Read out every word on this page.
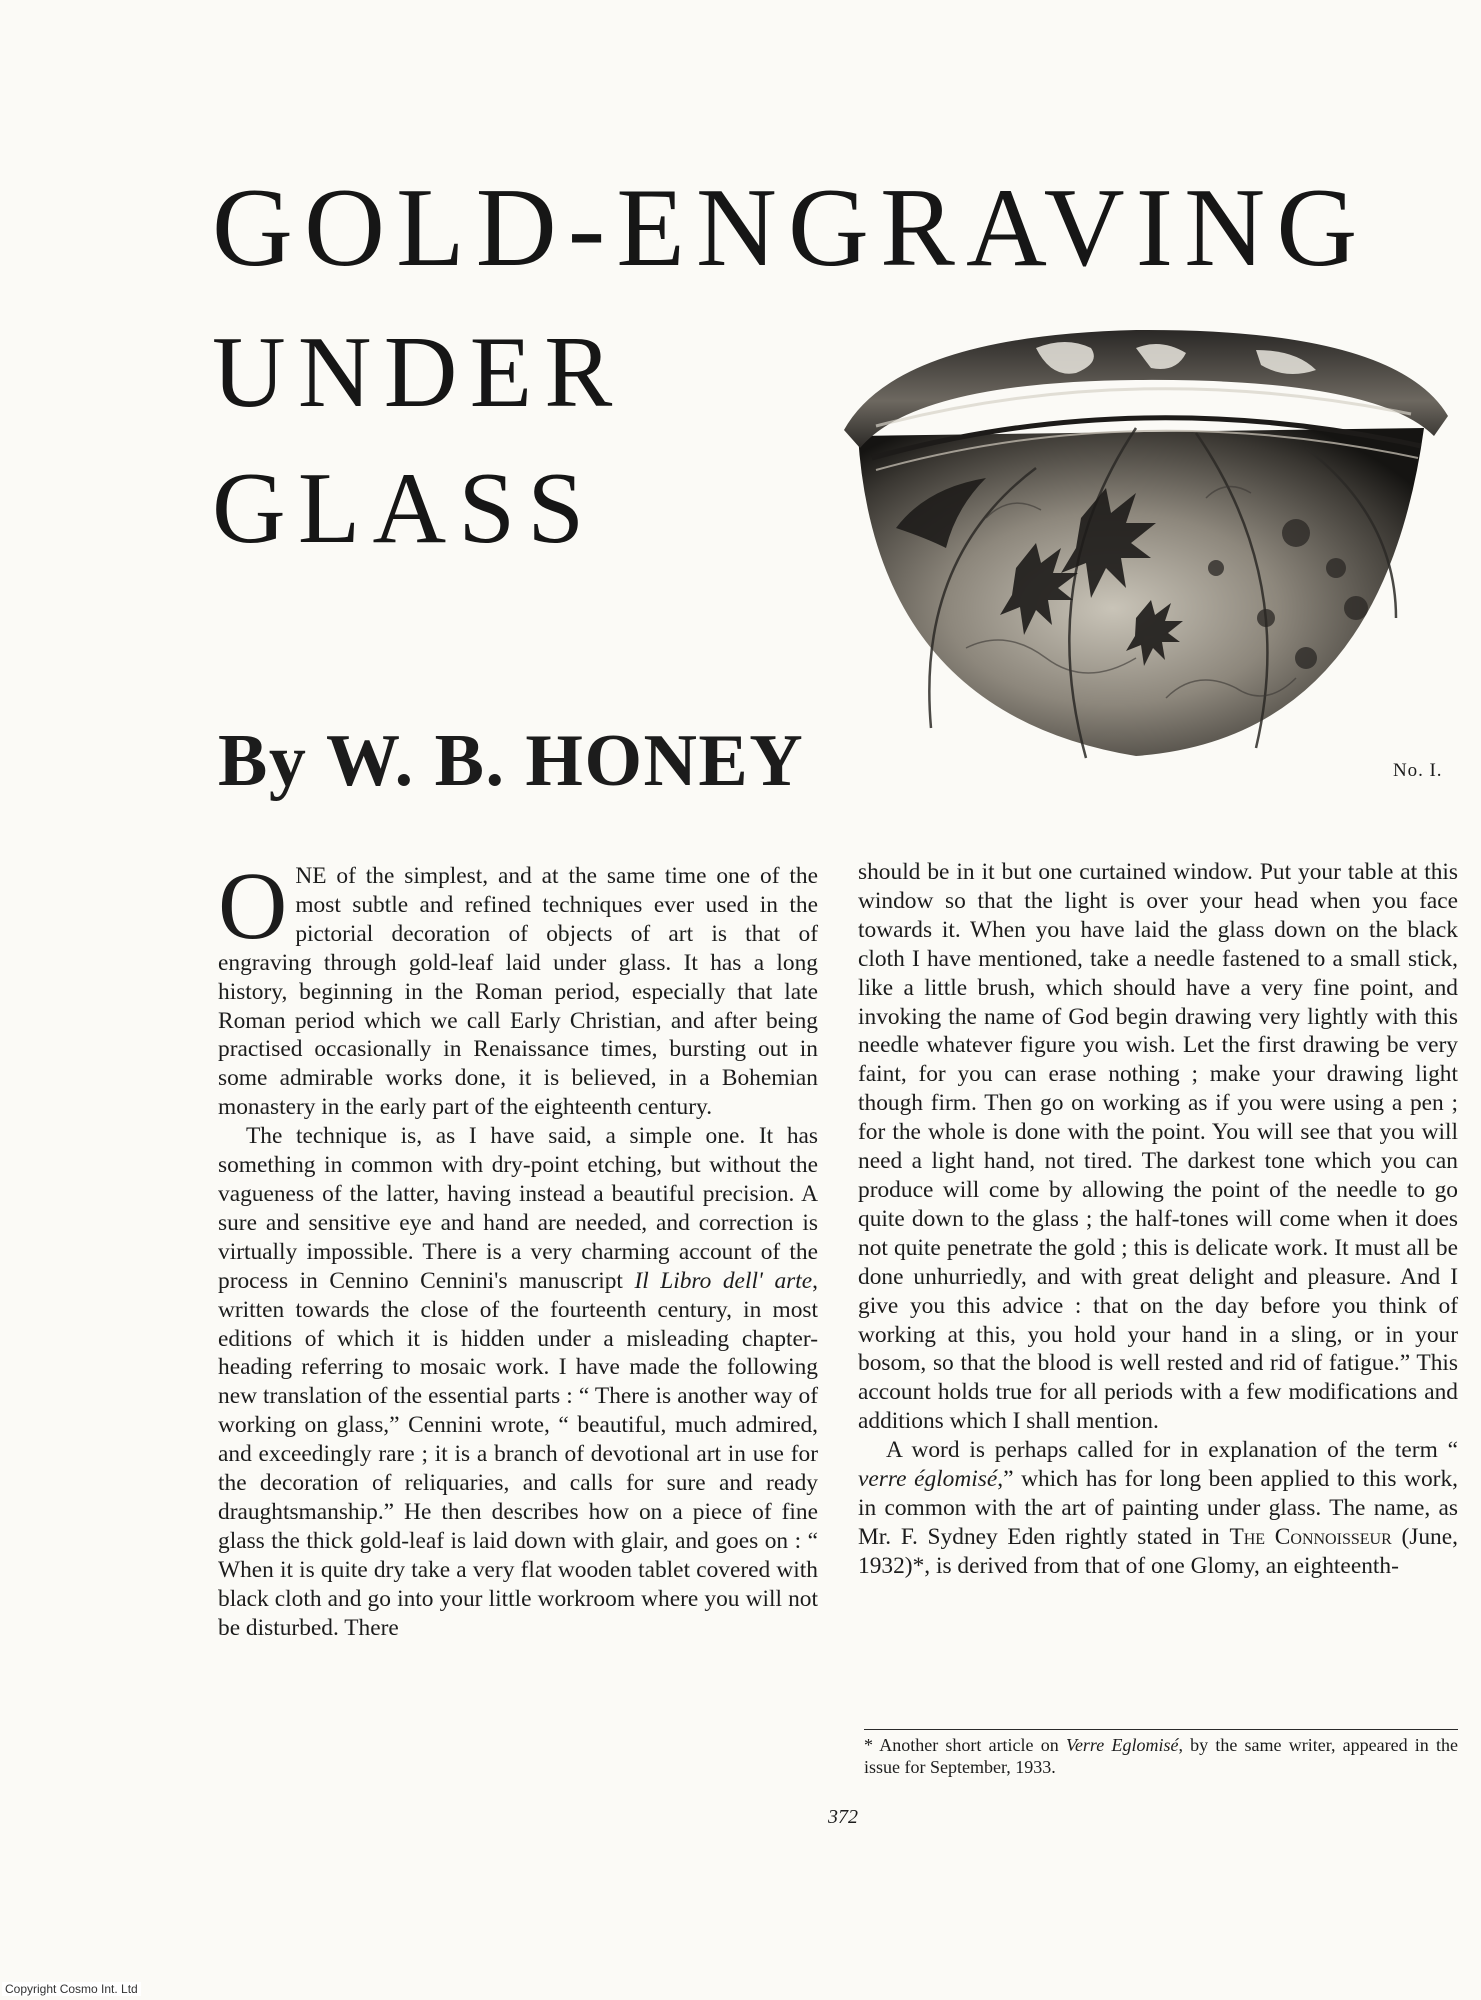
GOLD-ENGRAVING
UNDER
GLASS
By W. B. HONEY	No. I.

ONE of the simplest, and at the same time one of the most subtle and refined techniques ever used in the pictorial decoration of objects of art is that of engraving through gold-leaf laid under glass. It has a long history, beginning in the Roman period, especially that late Roman period which we call Early Christian, and after being practised occasionally in Renaissance times, bursting out in some admirable works done, it is believed, in a Bohemian monastery in the early part of the eighteenth century.

The technique is, as I have said, a simple one. It has something in common with dry-point etching, but without the vagueness of the latter, having instead a beautiful precision. A sure and sensitive eye and hand are needed, and correction is virtually impossible. There is a very charming account of the process in Cennino Cennini's manuscript Il Libro dell' arte, written towards the close of the fourteenth century, in most editions of which it is hidden under a misleading chapter-heading referring to mosaic work. I have made the following new translation of the essential parts : “ There is another way of working on glass,” Cennini wrote, “ beautiful, much admired, and exceedingly rare ; it is a branch of devotional art in use for the decoration of reliquaries, and calls for sure and ready draughtsmanship.” He then describes how on a piece of fine glass the thick gold-leaf is laid down with glair, and goes on : “ When it is quite dry take a very flat wooden tablet covered with black cloth and go into your little workroom where you will not be disturbed. There

should be in it but one curtained window. Put your table at this window so that the light is over your head when you face towards it. When you have laid the glass down on the black cloth I have mentioned, take a needle fastened to a small stick, like a little brush, which should have a very fine point, and invoking the name of God begin drawing very lightly with this needle whatever figure you wish. Let the first drawing be very faint, for you can erase nothing ; make your drawing light though firm. Then go on working as if you were using a pen ; for the whole is done with the point. You will see that you will need a light hand, not tired. The darkest tone which you can produce will come by allowing the point of the needle to go quite down to the glass ; the half-tones will come when it does not quite penetrate the gold ; this is delicate work. It must all be done unhurriedly, and with great delight and pleasure. And I give you this advice : that on the day before you think of working at this, you hold your hand in a sling, or in your bosom, so that the blood is well rested and rid of fatigue.” This account holds true for all periods with a few modifications and additions which I shall mention.

A word is perhaps called for in explanation of the term “ verre églomisé,” which has for long been applied to this work, in common with the art of painting under glass. The name, as Mr. F. Sydney Eden rightly stated in The Connoisseur (June, 1932)*, is derived from that of one Glomy, an eighteenth-

* Another short article on Verre Eglomisé, by the same writer, appeared in the issue for September, 1933.
372
Copyright Cosmo Int. Ltd
